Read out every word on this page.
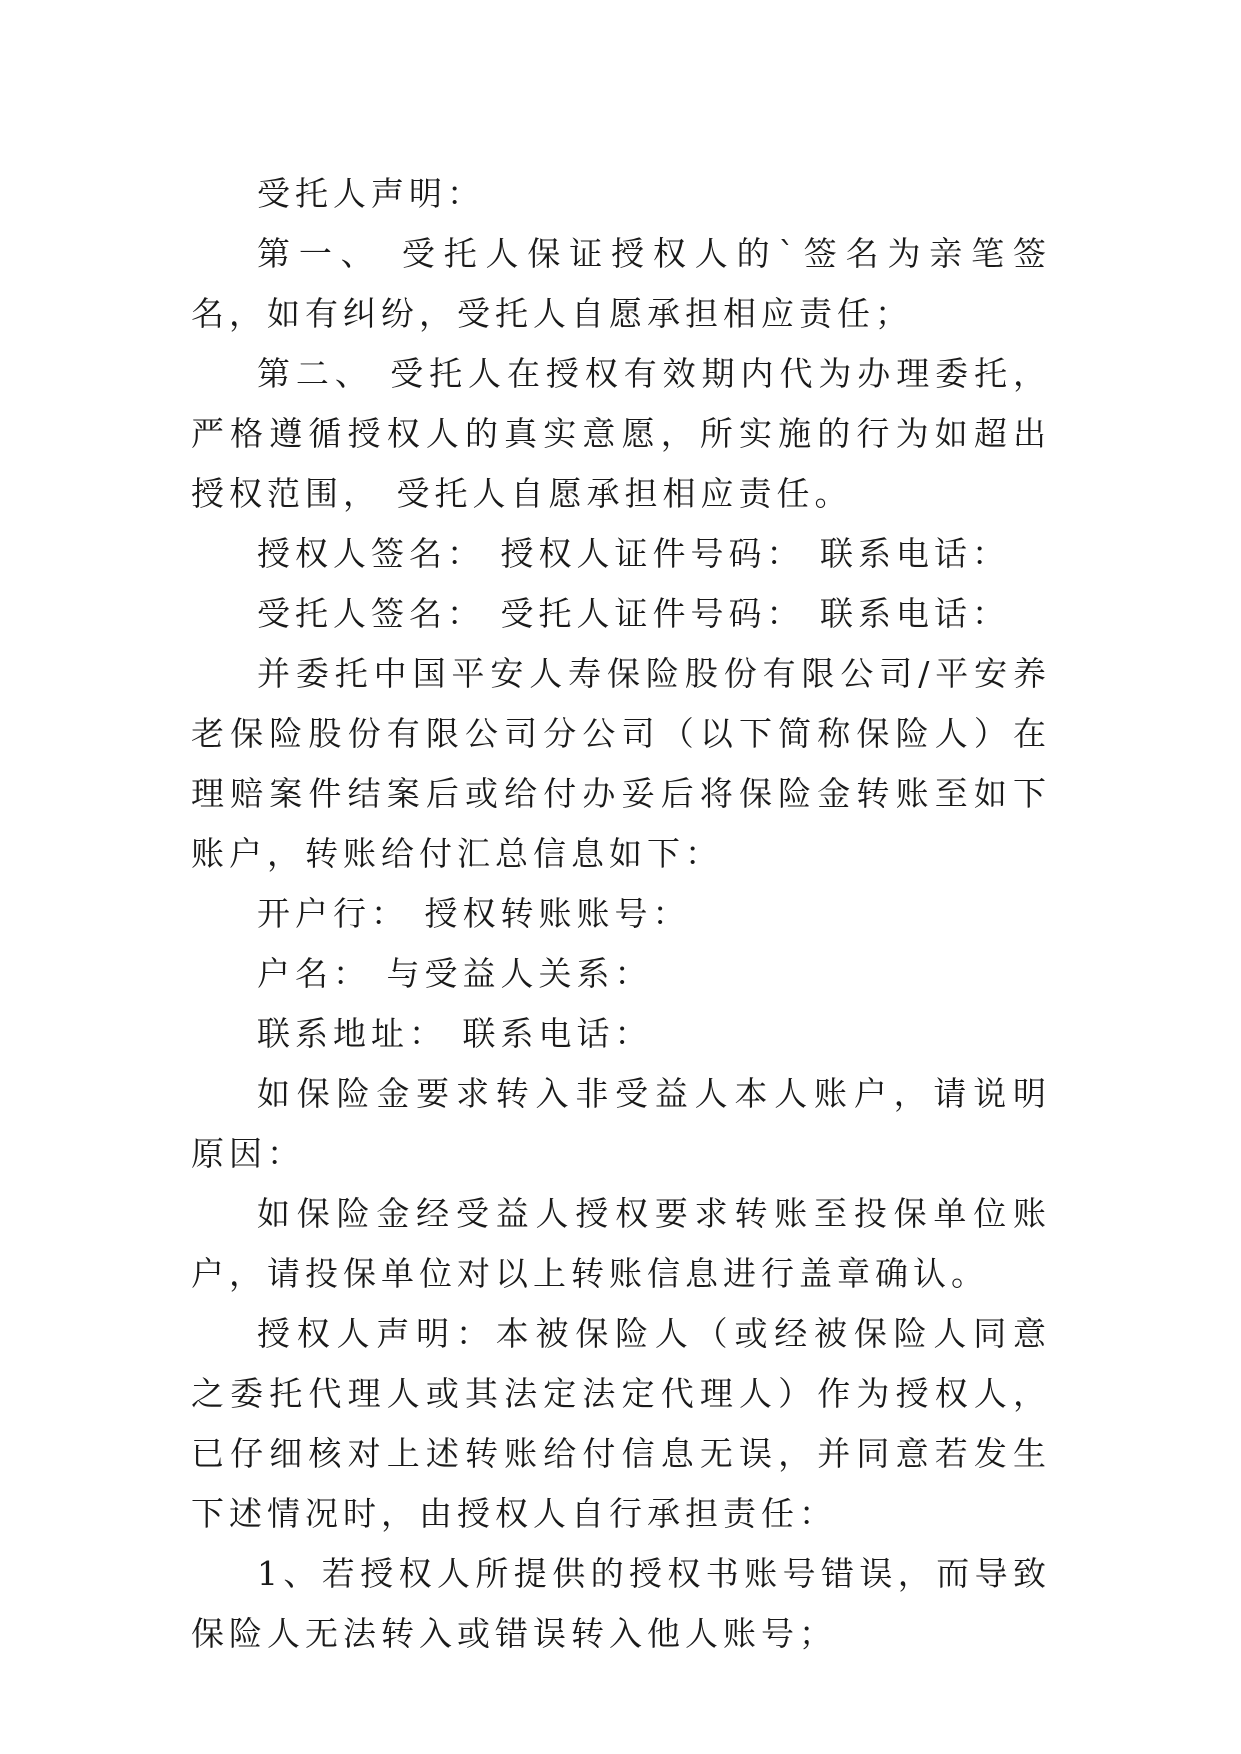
受托人声明：

第一、 受托人保证授权人的`签名为亲笔签名，如有纠纷，受托人自愿承担相应责任；

第二、 受托人在授权有效期内代为办理委托，严格遵循授权人的真实意愿，所实施的行为如超出授权范围， 受托人自愿承担相应责任。

授权人签名： 授权人证件号码： 联系电话：

受托人签名： 受托人证件号码： 联系电话：

并委托中国平安人寿保险股份有限公司/平安养老保险股份有限公司分公司（以下简称保险人）在理赔案件结案后或给付办妥后将保险金转账至如下账户，转账给付汇总信息如下：

开户行： 授权转账账号：

户名： 与受益人关系：

联系地址： 联系电话：

如保险金要求转入非受益人本人账户，请说明原因：

如保险金经受益人授权要求转账至投保单位账户，请投保单位对以上转账信息进行盖章确认。

授权人声明：本被保险人（或经被保险人同意之委托代理人或其法定法定代理人）作为授权人，已仔细核对上述转账给付信息无误，并同意若发生下述情况时，由授权人自行承担责任：

1、若授权人所提供的授权书账号错误，而导致保险人无法转入或错误转入他人账号；
